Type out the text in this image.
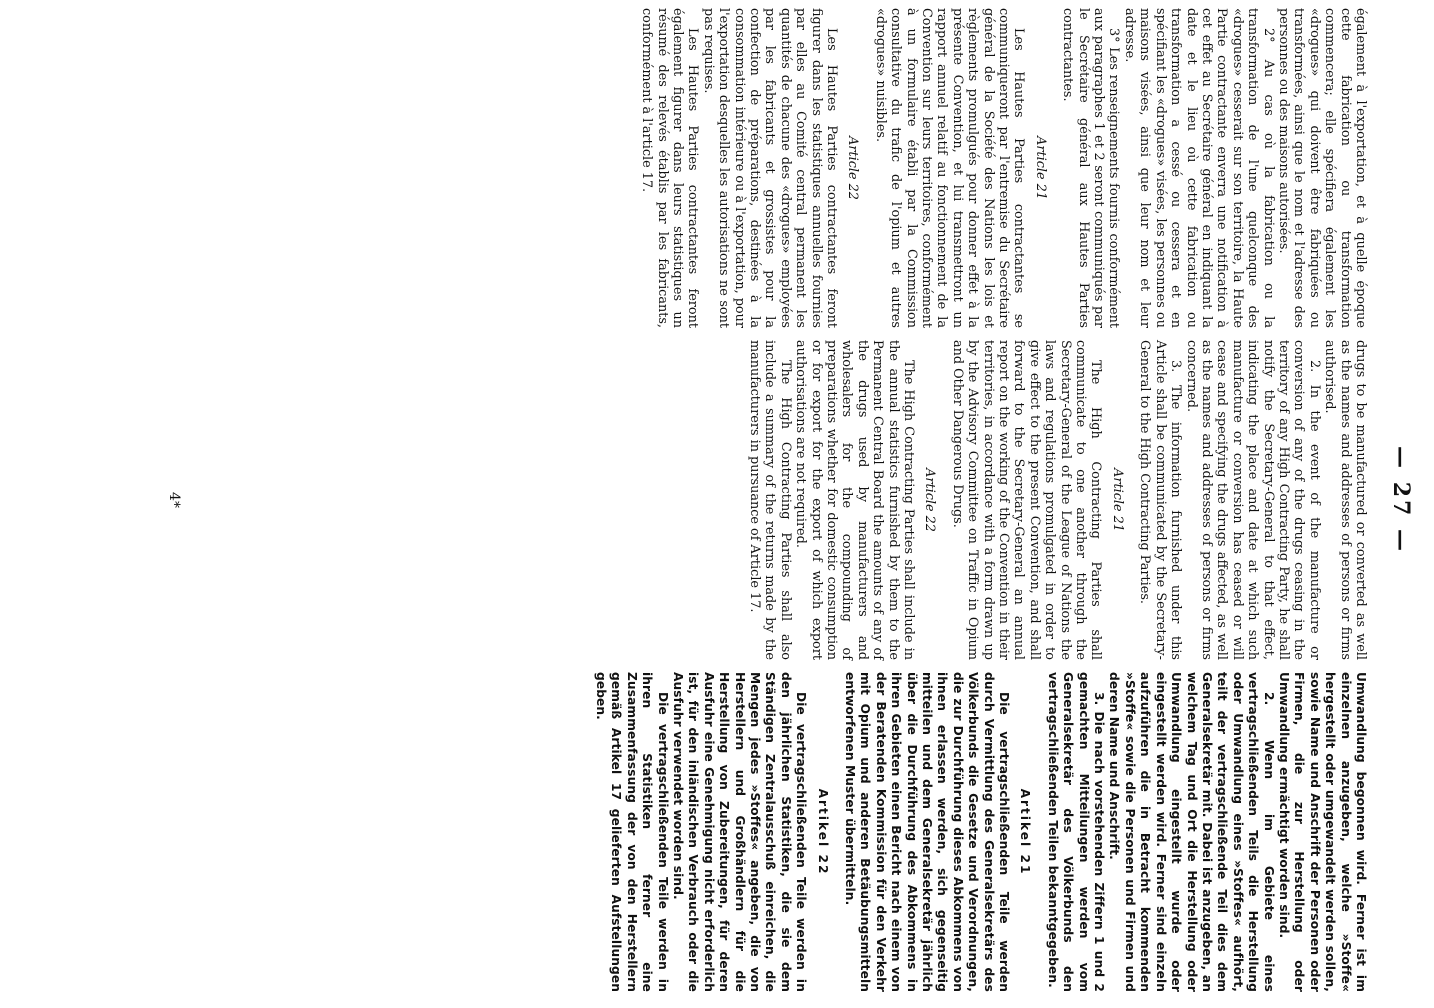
— 27 —

également à l'exportation, et à quelle époque cette fabrication ou transformation commencera; elle spécifiera également les «drogues» qui doivent être fabriquées ou transformées, ainsi que le nom et l'adresse des personnes ou des maisons autorisées.

2° Au cas où la fabrication ou la transformation de l'une quelconque des «drogues» cesserait sur son territoire, la Haute Partie contractante enverra une notification à cet effet au Secrétaire général en indiquant la date et le lieu où cette fabrication ou transformation a cessé ou cessera et en spécifiant les «drogues» visées, les personnes ou maisons visées, ainsi que leur nom et leur adresse.

3° Les renseignements fournis conformément aux paragraphes 1 et 2 seront communiqués par le Secrétaire général aux Hautes Parties contractantes.

Article 21

Les Hautes Parties contractantes se communiqueront par l'entremise du Secrétaire général de la Société des Nations les lois et règlements promulgués pour donner effet à la présente Convention, et lui transmettront un rapport annuel relatif au fonctionnement de la Convention sur leurs territoires, conformément à un formulaire établi par la Commission consultative du trafic de l'opium et autres «drogues» nuisibles.

Article 22

Les Hautes Parties contractantes feront figurer dans les statistiques annuelles fournies par elles au Comité central permanent les quantités de chacune des «drogues» employées par les fabricants et grossistes pour la confection de préparations, destinées à la consommation intérieure ou à l'exportation, pour l'exportation desquelles les autorisations ne sont pas requises.

Les Hautes Parties contractantes feront également figurer dans leurs statistiques un résumé des relevés établis par les fabricants, conformément à l'article 17.

drugs to be manufactured or converted as well as the names and addresses of persons or firms authorised.

2. In the event of the manufacture or conversion of any of the drugs ceasing in the territory of any High Contracting Party, he shall notify the Secretary-General to that effect, indicating the place and date at which such manufacture or conversion has ceased or will cease and specifying the drugs affected, as well as the names and addresses of persons or firms concerned.

3. The information furnished under this Article shall be communicated by the Secretary-General to the High Contracting Parties.

Article 21

The High Contracting Parties shall communicate to one another through the Secretary-General of the League of Nations the laws and regulations promulgated in order to give effect to the present Convention, and shall forward to the Secretary-General an annual report on the working of the Convention in their territories, in accordance with a form drawn up by the Advisory Committee on Traffic in Opium and Other Dangerous Drugs.

Article 22

The High Contracting Parties shall include in the annual statistics furnished by them to the Permanent Central Board the amounts of any of the drugs used by manufacturers and wholesalers for the compounding of preparations whether for domestic consumption or for export for the export of which export authorisations are not required.

The High Contracting Parties shall also include a summary of the returns made by the manufacturers in pursuance of Article 17.

Umwandlung begonnen wird. Ferner ist im einzelnen anzugeben, welche »Stoffe« hergestellt oder umgewandelt werden sollen, sowie Name und Anschrift der Personen oder Firmen, die zur Herstellung oder Umwandlung ermächtigt worden sind.

2. Wenn im Gebiete eines vertragschließenden Teils die Herstellung oder Umwandlung eines »Stoffes« aufhört, teilt der vertragschließende Teil dies dem Generalsekretär mit. Dabei ist anzugeben, an welchem Tag und Ort die Herstellung oder Umwandlung eingestellt wurde oder eingestellt werden wird. Ferner sind einzeln aufzuführen die in Betracht kommenden »Stoffe« sowie die Personen und Firmen und deren Name und Anschrift.

3. Die nach vorstehenden Ziffern 1 und 2 gemachten Mitteilungen werden vom Generalsekretär des Völkerbunds den vertragschließenden Teilen bekanntgegeben.

Artikel 21

Die vertragschließenden Teile werden durch Vermittlung des Generalsekretärs des Völkerbunds die Gesetze und Verordnungen, die zur Durchführung dieses Abkommens von ihnen erlassen werden, sich gegenseitig mitteilen und dem Generalsekretär jährlich über die Durchführung des Abkommens in ihren Gebieten einen Bericht nach einem von der Beratenden Kommission für den Verkehr mit Opium und anderen Betäubungsmitteln entworfenen Muster übermitteln.

Artikel 22

Die vertragschließenden Teile werden in den jährlichen Statistiken, die sie dem Ständigen Zentralausschuß einreichen, die Mengen jedes »Stoffes« angeben, die von Herstellern und Großhändlern für die Herstellung von Zubereitungen, für deren Ausfuhr eine Genehmigung nicht erforderlich ist, für den inländischen Verbrauch oder die Ausfuhr verwendet worden sind.

Die vertragschließenden Teile werden in ihren Statistiken ferner eine Zusammenfassung der von den Herstellern gemäß Artikel 17 gelieferten Aufstellungen geben.

4*
